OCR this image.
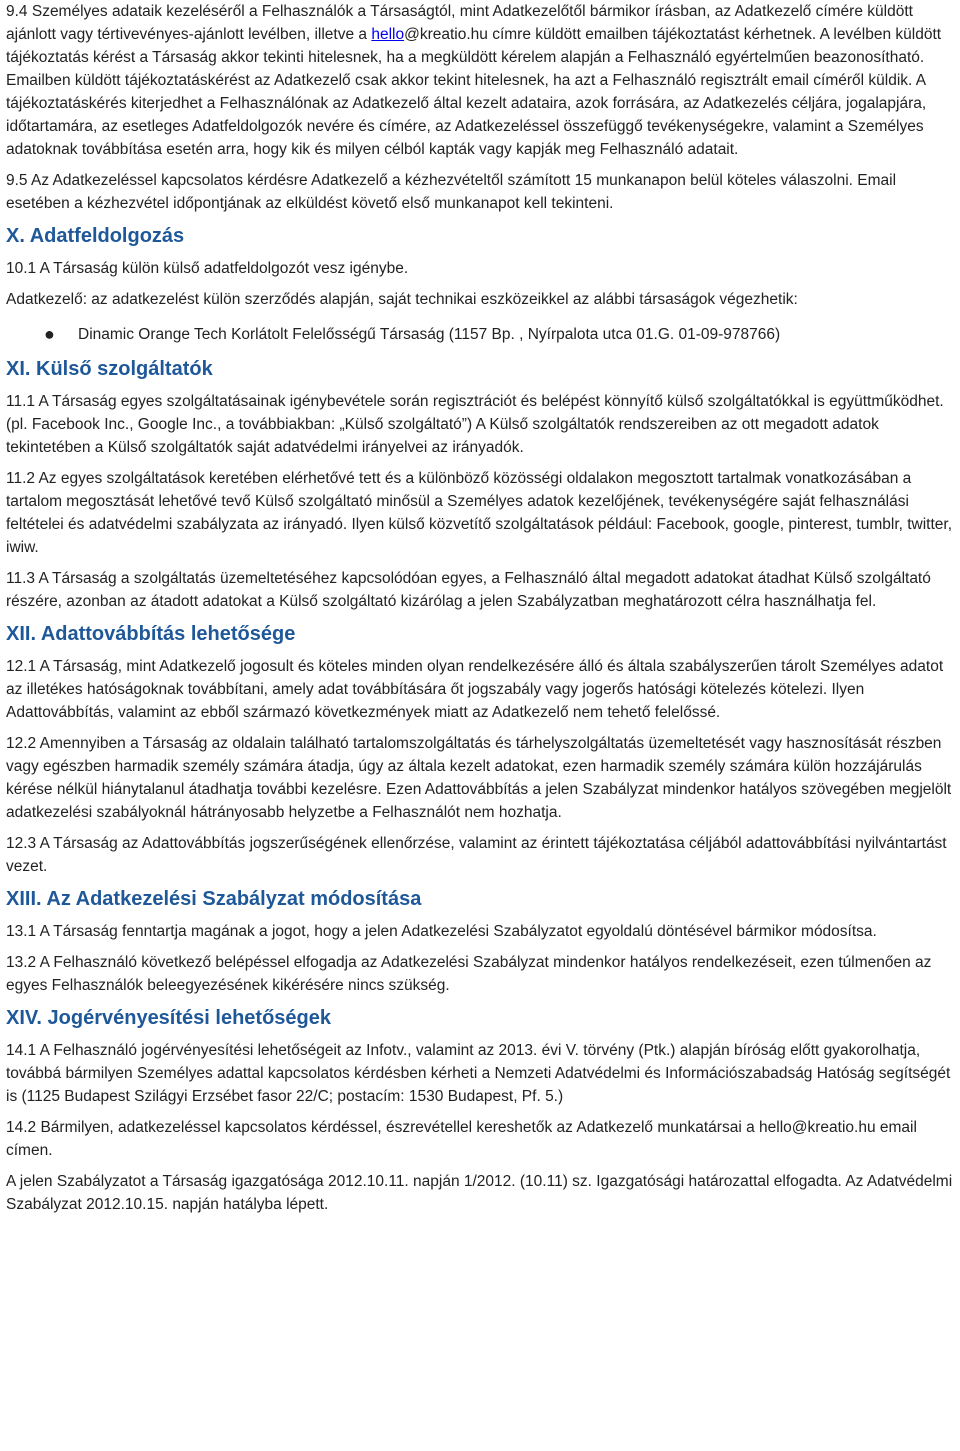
9.4 Személyes adataik kezeléséről a Felhasználók a Társaságtól, mint Adatkezelőtől bármikor írásban, az Adatkezelő címére küldött ajánlott vagy tértivevényes-ajánlott levélben, illetve a hello@kreatio.hu címre küldött emailben tájékoztatást kérhetnek. A levélben küldött tájékoztatás kérést a Társaság akkor tekinti hitelesnek, ha a megküldött kérelem alapján a Felhasználó egyértelműen beazonosítható. Emailben küldött tájékoztatáskérést az Adatkezelő csak akkor tekint hitelesnek, ha azt a Felhasználó regisztrált email címéről küldik. A tájékoztatáskérés kiterjedhet a Felhasználónak az Adatkezelő által kezelt adataira, azok forrására, az Adatkezelés céljára, jogalapjára, időtartamára, az esetleges Adatfeldolgozók nevére és címére, az Adatkezeléssel összefüggő tevékenységekre, valamint a Személyes adatoknak továbbítása esetén arra, hogy kik és milyen célból kapták vagy kapják meg Felhasználó adatait.

9.5 Az Adatkezeléssel kapcsolatos kérdésre Adatkezelő a kézhezvételtől számított 15 munkanapon belül köteles válaszolni. Email esetében a kézhezvétel időpontjának az elküldést követő első munkanapot kell tekinteni.

X. Adatfeldolgozás

10.1 A Társaság külön külső adatfeldolgozót vesz igénybe.

Adatkezelő: az adatkezelést külön szerződés alapján, saját technikai eszközeikkel az alábbi társaságok végezhetik:

●	Dinamic Orange Tech Korlátolt Felelősségű Társaság (1157 Bp. , Nyírpalota utca 01.G. 01-09-978766)
XI. Külső szolgáltatók

11.1 A Társaság egyes szolgáltatásainak igénybevétele során regisztrációt és belépést könnyítő külső szolgáltatókkal is együttműködhet. (pl. Facebook Inc., Google Inc., a továbbiakban: „Külső szolgáltató”) A Külső szolgáltatók rendszereiben az ott megadott adatok tekintetében a Külső szolgáltatók saját adatvédelmi irányelvei az irányadók.

11.2 Az egyes szolgáltatások keretében elérhetővé tett és a különböző közösségi oldalakon megosztott tartalmak vonatkozásában a tartalom megosztását lehetővé tevő Külső szolgáltató minősül a Személyes adatok kezelőjének, tevékenységére saját felhasználási feltételei és adatvédelmi szabályzata az irányadó. Ilyen külső közvetítő szolgáltatások például: Facebook, google, pinterest, tumblr, twitter, iwiw.

11.3 A Társaság a szolgáltatás üzemeltetéséhez kapcsolódóan egyes, a Felhasználó által megadott adatokat átadhat Külső szolgáltató részére, azonban az átadott adatokat a Külső szolgáltató kizárólag a jelen Szabályzatban meghatározott célra használhatja fel.

XII. Adattovábbítás lehetősége

12.1 A Társaság, mint Adatkezelő jogosult és köteles minden olyan rendelkezésére álló és általa szabályszerűen tárolt Személyes adatot az illetékes hatóságoknak továbbítani, amely adat továbbítására őt jogszabály vagy jogerős hatósági kötelezés kötelezi. Ilyen Adattovábbítás, valamint az ebből származó következmények miatt az Adatkezelő nem tehető felelőssé.

12.2 Amennyiben a Társaság az oldalain található tartalomszolgáltatás és tárhelyszolgáltatás üzemeltetését vagy hasznosítását részben vagy egészben harmadik személy számára átadja, úgy az általa kezelt adatokat, ezen harmadik személy számára külön hozzájárulás kérése nélkül hiánytalanul átadhatja további kezelésre. Ezen Adattovábbítás a jelen Szabályzat mindenkor hatályos szövegében megjelölt adatkezelési szabályoknál hátrányosabb helyzetbe a Felhasználót nem hozhatja.

12.3 A Társaság az Adattovábbítás jogszerűségének ellenőrzése, valamint az érintett tájékoztatása céljából adattovábbítási nyilvántartást vezet.

XIII. Az Adatkezelési Szabályzat módosítása

13.1 A Társaság fenntartja magának a jogot, hogy a jelen Adatkezelési Szabályzatot egyoldalú döntésével bármikor módosítsa.

13.2 A Felhasználó következő belépéssel elfogadja az Adatkezelési Szabályzat mindenkor hatályos rendelkezéseit, ezen túlmenően az egyes Felhasználók beleegyezésének kikérésére nincs szükség.

XIV. Jogérvényesítési lehetőségek

14.1 A Felhasználó jogérvényesítési lehetőségeit az Infotv., valamint az 2013. évi V. törvény (Ptk.) alapján bíróság előtt gyakorolhatja, továbbá bármilyen Személyes adattal kapcsolatos kérdésben kérheti a Nemzeti Adatvédelmi és Információszabadság Hatóság segítségét is (1125 Budapest Szilágyi Erzsébet fasor 22/C; postacím: 1530 Budapest, Pf. 5.)

14.2 Bármilyen, adatkezeléssel kapcsolatos kérdéssel, észrevétellel kereshetők az Adatkezelő munkatársai a hello@kreatio.hu email címen.

A jelen Szabályzatot a Társaság igazgatósága 2012.10.11. napján 1/2012. (10.11) sz. Igazgatósági határozattal elfogadta. Az Adatvédelmi Szabályzat 2012.10.15. napján hatályba lépett.
